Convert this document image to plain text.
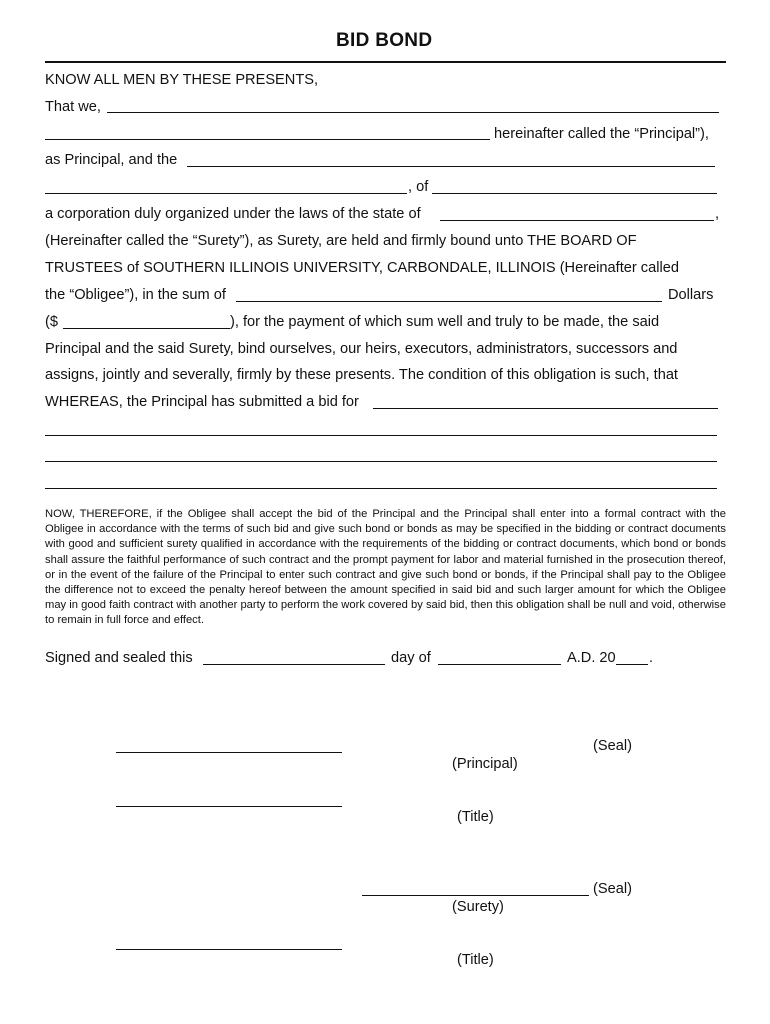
BID BOND
KNOW ALL MEN BY THESE PRESENTS,
That we,
hereinafter called the “Principal”),
as Principal, and the
, of
a corporation duly organized under the laws of the state of	,
(Hereinafter called the “Surety”), as Surety, are held and firmly bound unto THE BOARD OF
TRUSTEES of SOUTHERN ILLINOIS UNIVERSITY, CARBONDALE, ILLINOIS (Hereinafter called
the “Obligee”), in the sum of	Dollars
($	), for the payment of which sum well and truly to be made, the said
Principal and the said Surety, bind ourselves, our heirs, executors, administrators, successors and
assigns, jointly and severally, firmly by these presents. The condition of this obligation is such, that
WHEREAS, the Principal has submitted a bid for
NOW, THEREFORE, if the Obligee shall accept the bid of the Principal and the Principal shall enter into a formal contract with the Obligee in accordance with the terms of such bid and give such bond or bonds as may be specified in the bidding or contract documents with good and sufficient surety qualified in accordance with the requirements of the bidding or contract documents, which bond or bonds shall assure the faithful performance of such contract and the prompt payment for labor and material furnished in the prosecution thereof, or in the event of the failure of the Principal to enter such contract and give such bond or bonds, if the Principal shall pay to the Obligee the difference not to exceed the penalty hereof between the amount specified in said bid and such larger amount for which the Obligee may in good faith contract with another party to perform the work covered by said bid, then this obligation shall be null and void, otherwise to remain in full force and effect.
Signed and sealed this	day of	A.D. 20 .
(Seal)
(Principal)
(Title)
(Seal)
(Surety)
(Title)
